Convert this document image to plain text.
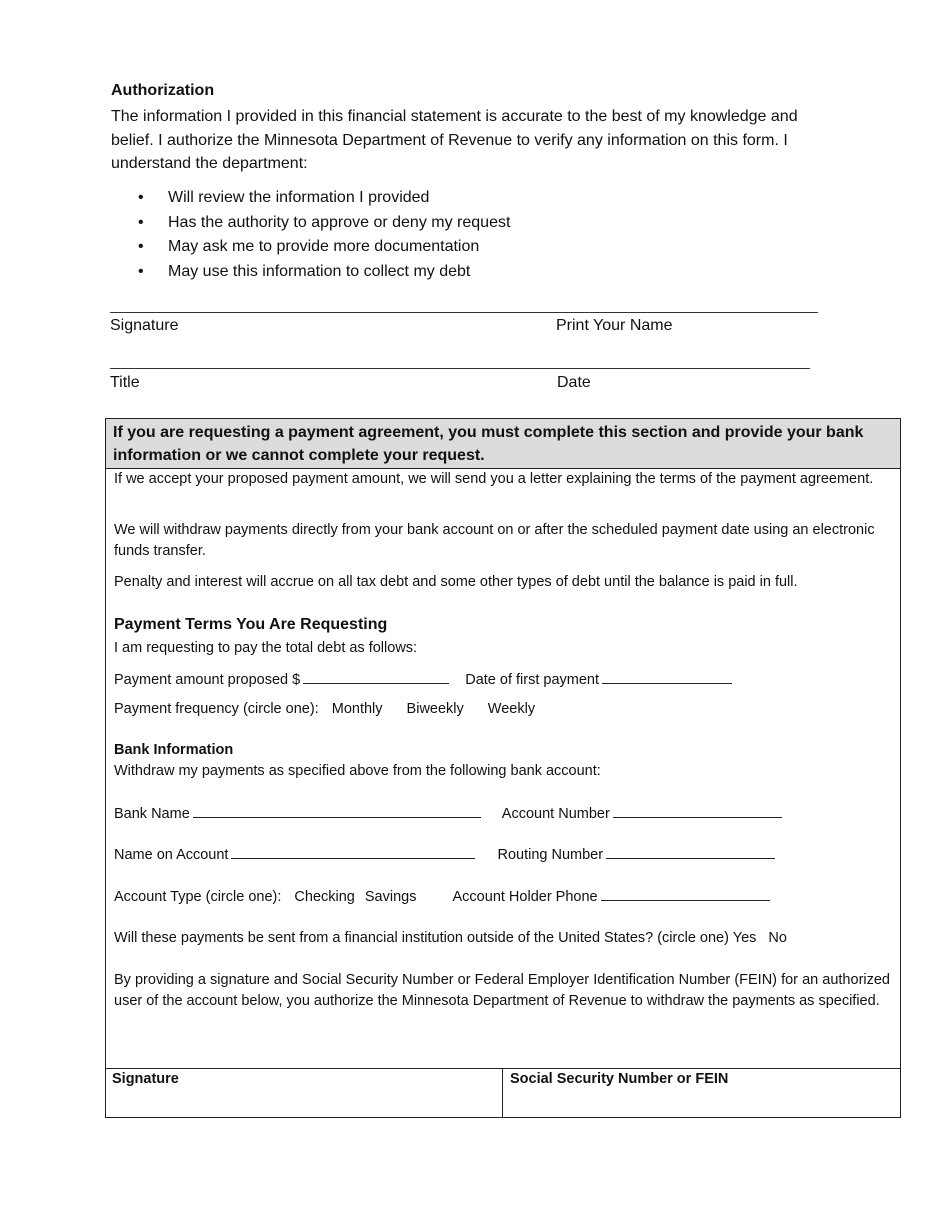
Authorization
The information I provided in this financial statement is accurate to the best of my knowledge and belief. I authorize the Minnesota Department of Revenue to verify any information on this form. I understand the department:
• Will review the information I provided
• Has the authority to approve or deny my request
• May ask me to provide more documentation
• May use this information to collect my debt
Signature	Print Your Name
Title	Date
If you are requesting a payment agreement, you must complete this section and provide your bank information or we cannot complete your request.
If we accept your proposed payment amount, we will send you a letter explaining the terms of the payment agreement.
We will withdraw payments directly from your bank account on or after the scheduled payment date using an electronic funds transfer.
Penalty and interest will accrue on all tax debt and some other types of debt until the balance is paid in full.
Payment Terms You Are Requesting
I am requesting to pay the total debt as follows:
Payment amount proposed $	Date of first payment
Payment frequency (circle one): Monthly Biweekly Weekly
Bank Information
Withdraw my payments as specified above from the following bank account:
Bank Name	Account Number
Name on Account	Routing Number
Account Type (circle one): Checking Savings Account Holder Phone
Will these payments be sent from a financial institution outside of the United States? (circle one) Yes No
By providing a signature and Social Security Number or Federal Employer Identification Number (FEIN) for an authorized user of the account below, you authorize the Minnesota Department of Revenue to withdraw the payments as specified.
Signature	Social Security Number or FEIN
